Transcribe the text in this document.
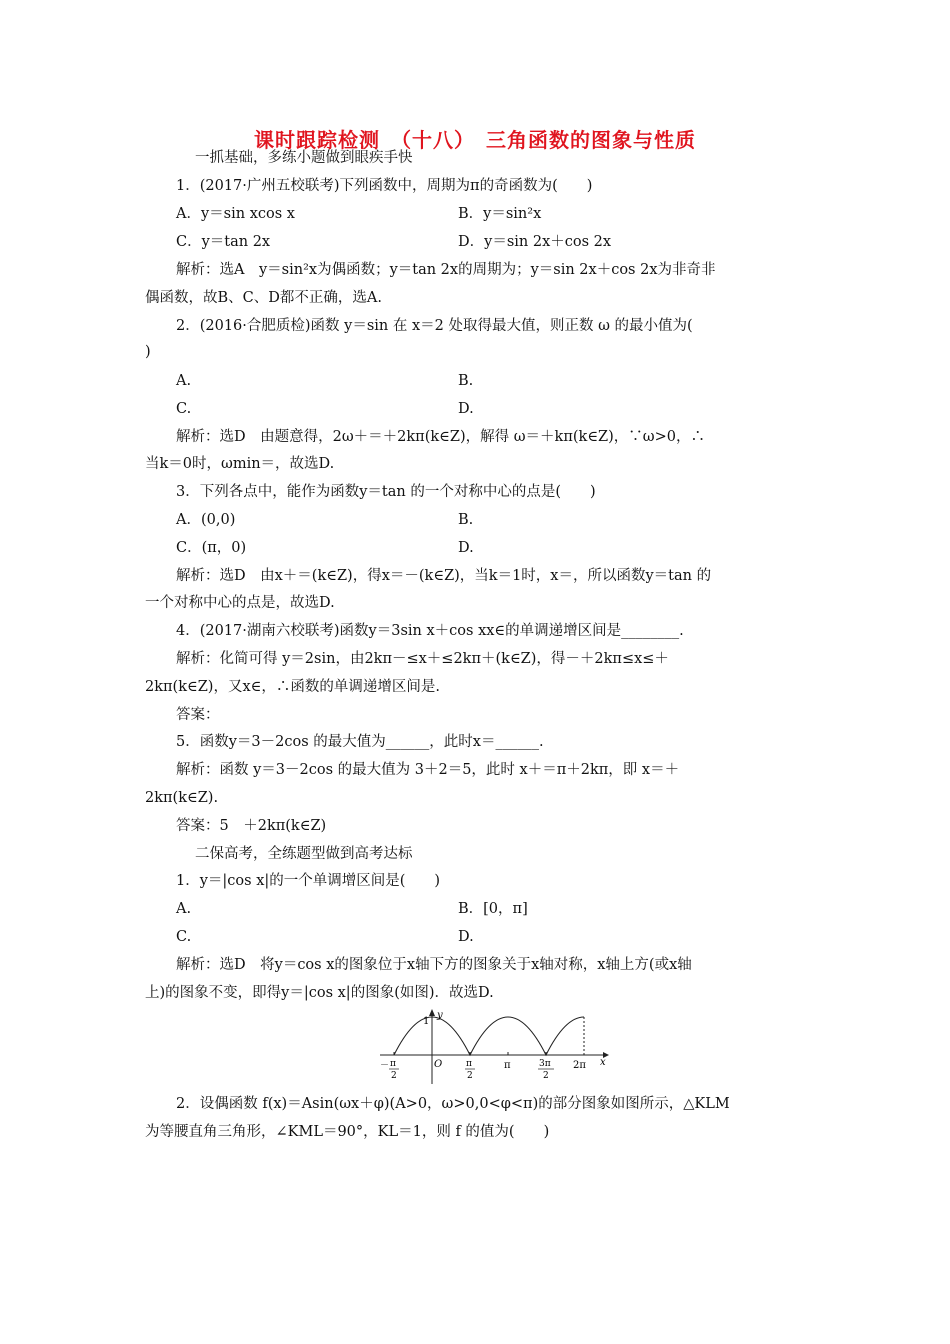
课时跟踪检测　（十八）　三角函数的图象与性质
一抓基础，多练小题做到眼疾手快
1．(2017·广州五校联考)下列函数中，周期为π的奇函数为(　　)
A．y＝sin xcos x	B．y＝sin²x
C．y＝tan 2x	D．y＝sin 2x＋cos 2x
解析：选A　y＝sin²x为偶函数；y＝tan 2x的周期为；y＝sin 2x＋cos 2x为非奇非
偶函数，故B、C、D都不正确，选A.
2．(2016·合肥质检)函数 y＝sin 在 x＝2 处取得最大值，则正数 ω 的最小值为(
)
A.	B.
C.	D.
解析：选D　由题意得，2ω＋＝＋2kπ(k∈Z)，解得 ω＝＋kπ(k∈Z)，∵ω>0，∴
当k＝0时，ωmin＝，故选D.
3．下列各点中，能作为函数y＝tan 的一个对称中心的点是(　　)
A．(0,0)	B.
C．(π，0)	D.
解析：选D　由x＋＝(k∈Z)，得x＝－(k∈Z)，当k＝1时，x＝，所以函数y＝tan 的
一个对称中心的点是，故选D.
4．(2017·湖南六校联考)函数y＝3sin x＋cos xx∈的单调递增区间是________.
解析：化简可得 y＝2sin，由2kπ－≤x＋≤2kπ＋(k∈Z)，得－＋2kπ≤x≤＋
2kπ(k∈Z)，又x∈，∴函数的单调递增区间是.
答案：
5．函数y＝3－2cos 的最大值为______，此时x＝______.
解析：函数 y＝3－2cos 的最大值为 3＋2＝5，此时 x＋＝π＋2kπ，即 x＝＋
2kπ(k∈Z).
答案：5　＋2kπ(k∈Z)
二保高考，全练题型做到高考达标
1．y＝|cos x|的一个单调增区间是(　　)
A.	B．[0，π]
C.	D.
解析：选D　将y＝cos x的图象位于x轴下方的图象关于x轴对称，x轴上方(或x轴
上)的图象不变，即得y＝|cos x|的图象(如图)．故选D.
y
x
1
O
－ π
2
π
2
π	3π
2
2π
2．设偶函数 f(x)＝Asin(ωx＋φ)(A>0，ω>0,0<φ<π)的部分图象如图所示，△KLM
为等腰直角三角形，∠KML＝90°，KL＝1，则 f 的值为(　　)
